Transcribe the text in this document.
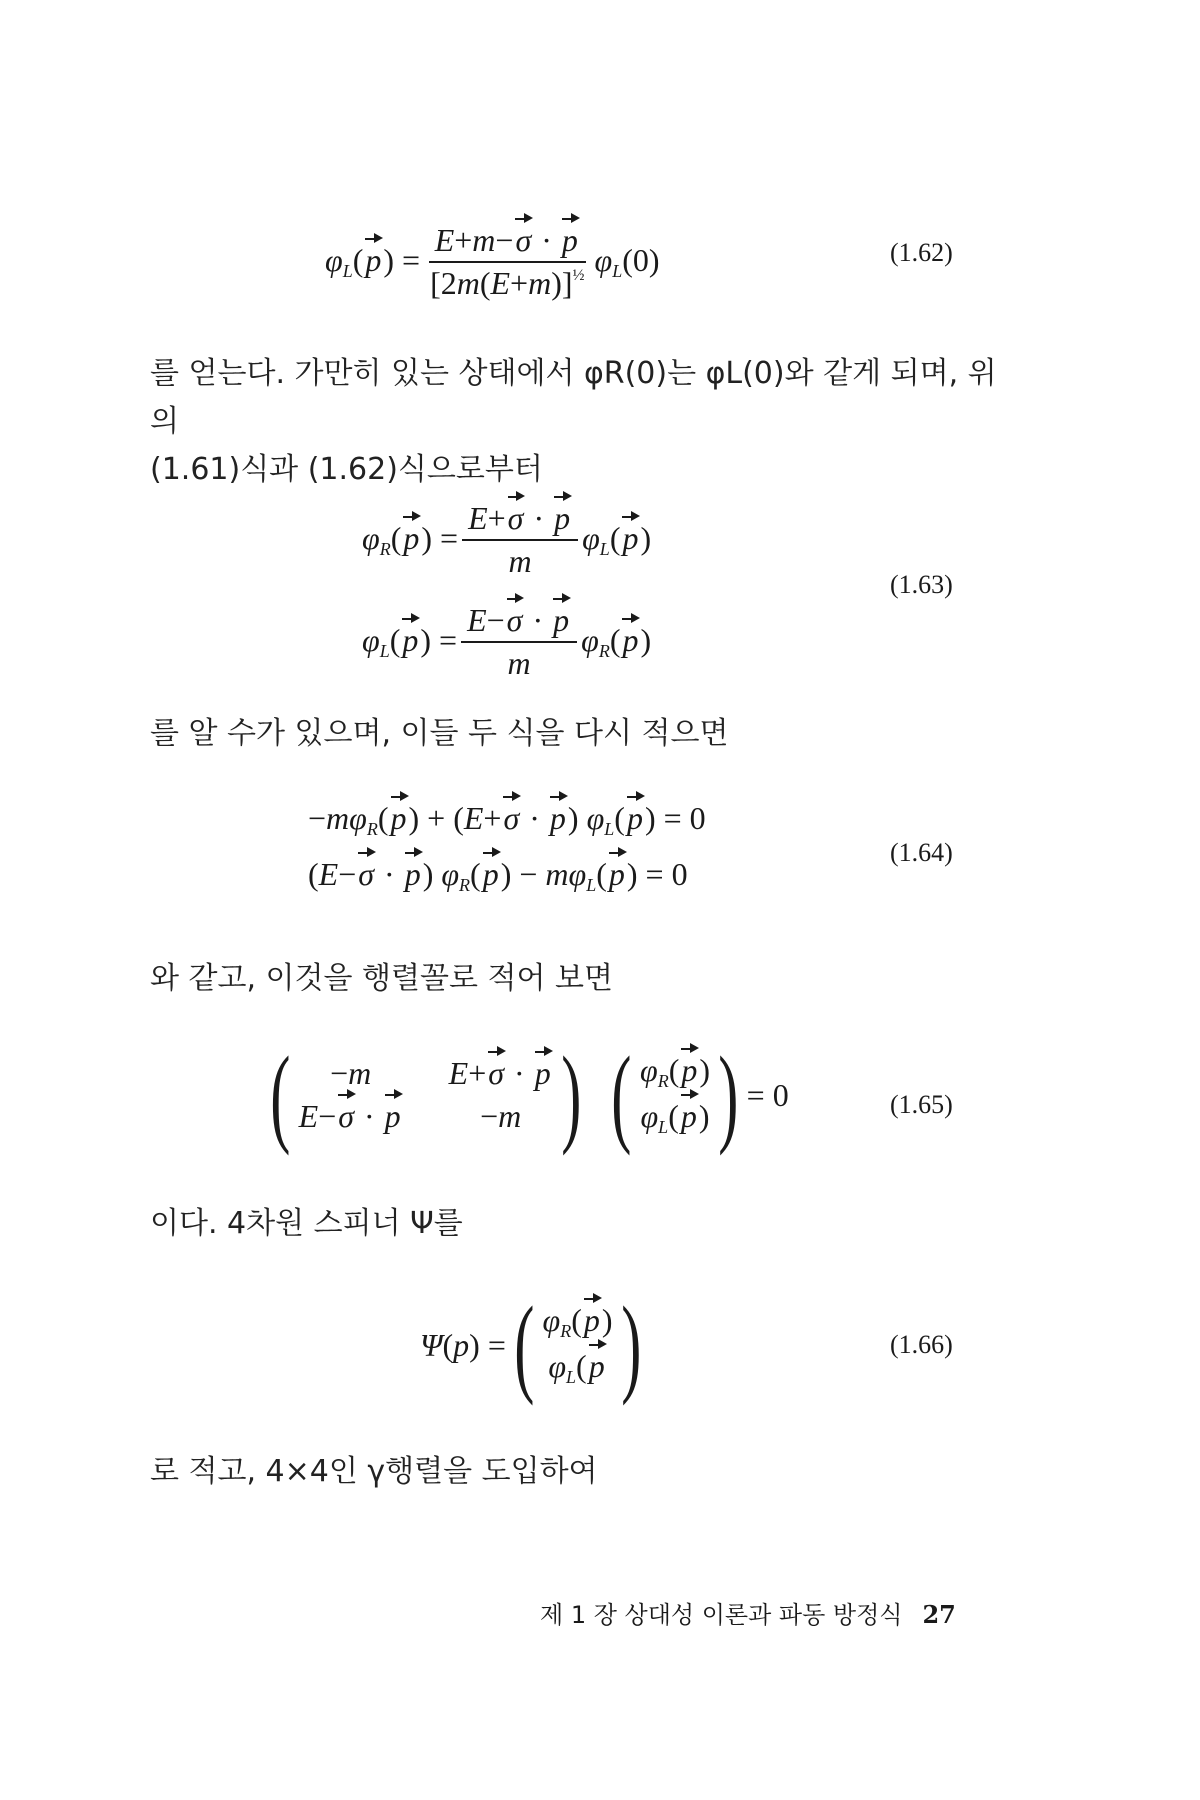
$\varphi_L(p) = \frac{E+m-\sigma \cdot p}{[2m(E+m)]^{\frac{1}{2}}} \varphi_L(0)$	(1.62)
를 얻는다. 가만히 있는 상태에서 φR(0)는 φL(0)와 같게 되며, 위의
(1.61)식과 (1.62)식으로부터
$\varphi_R(p) = \frac{E+\sigma \cdot p}{m} \varphi_L(p)$
$\varphi_L(p) = \frac{E-\sigma \cdot p}{m} \varphi_R(p)$
(1.63)
를 알 수가 있으며, 이들 두 식을 다시 적으면
$-m\varphi_R(p) + (E+\sigma \cdot p) \varphi_L(p) = 0$
(E−σ · p) $\varphi_R(p) - m\varphi_L(p) = 0$
(1.64)
와 같고, 이것을 행렬꼴로 적어 보면
(	−m	E+σ · p
E−σ · p	−m ) ( $\varphi_R(p)$
$\varphi_L(p)$ ) = 0	(1.65)
이다. 4차원 스피너 Ψ를
Ψ(p) = ( $\varphi_R(p)$
$\varphi_L(p$ )	(1.66)
로 적고, 4×4인 γ행렬을 도입하여
제 1 장 상대성 이론과 파동 방정식 27
